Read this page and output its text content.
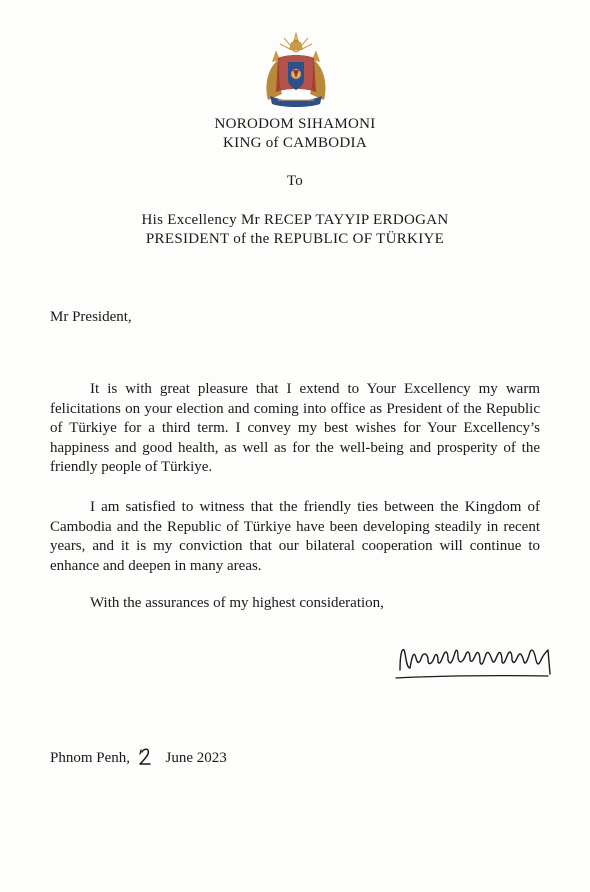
NORODOM SIHAMONI
KING of CAMBODIA
To
His Excellency Mr RECEP TAYYIP ERDOGAN
PRESIDENT of the REPUBLIC OF TÜRKIYE
Mr President,
It is with great pleasure that I extend to Your Excellency my warm felicitations on your election and coming into office as President of the Republic of Türkiye for a third term. I convey my best wishes for Your Excellency’s happiness and good health, as well as for the well-being and prosperity of the friendly people of Türkiye.
I am satisfied to witness that the friendly ties between the Kingdom of Cambodia and the Republic of Türkiye have been developing steadily in recent years, and it is my conviction that our bilateral cooperation will continue to enhance and deepen in many areas.
With the assurances of my highest consideration,
Phnom Penh, June 2023
